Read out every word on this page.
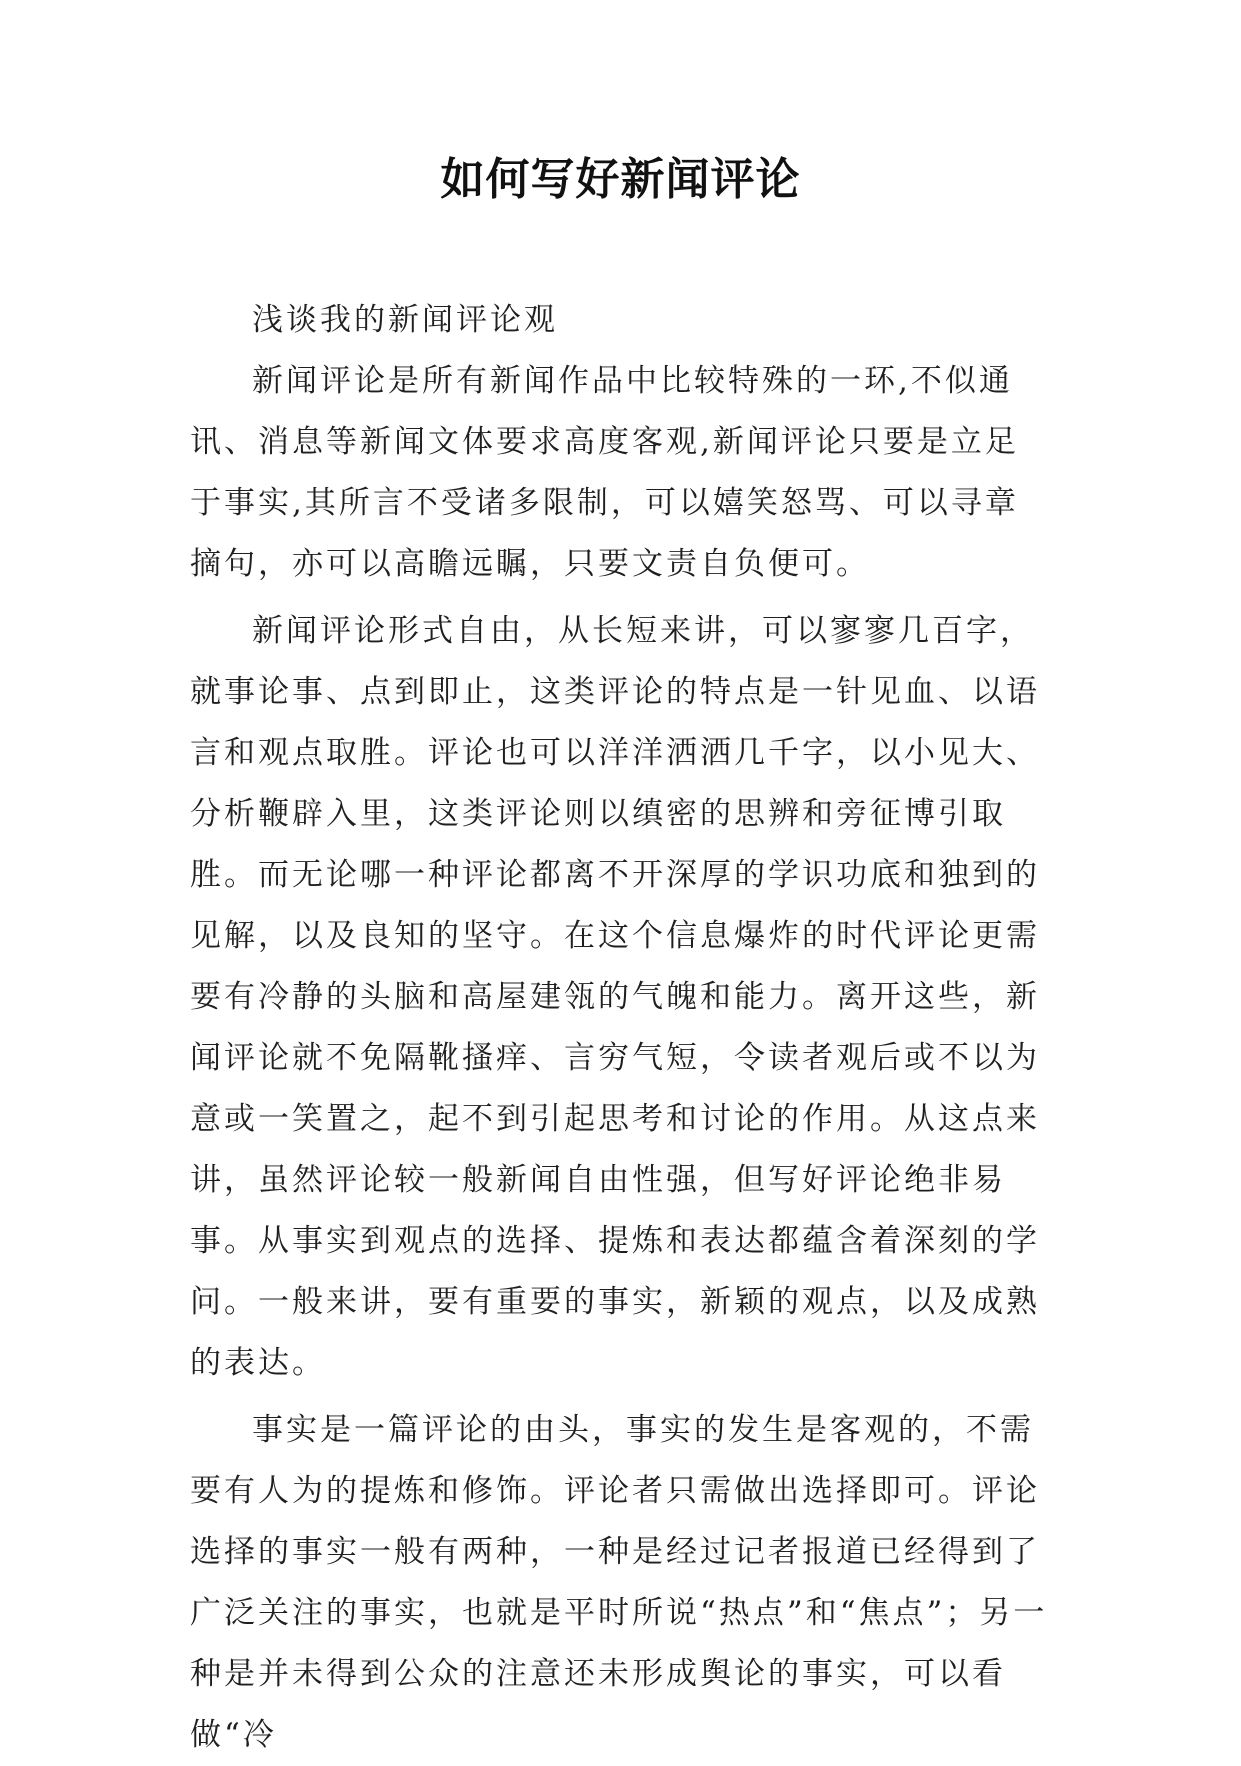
如何写好新闻评论

浅谈我的新闻评论观

新闻评论是所有新闻作品中比较特殊的一环,不似通讯、消息等新闻文体要求高度客观,新闻评论只要是立足于事实,其所言不受诸多限制，可以嬉笑怒骂、可以寻章摘句，亦可以高瞻远瞩，只要文责自负便可。

新闻评论形式自由，从长短来讲，可以寥寥几百字，就事论事、点到即止，这类评论的特点是一针见血、以语言和观点取胜。评论也可以洋洋洒洒几千字，以小见大、分析鞭辟入里，这类评论则以缜密的思辨和旁征博引取胜。而无论哪一种评论都离不开深厚的学识功底和独到的见解，以及良知的坚守。在这个信息爆炸的时代评论更需要有冷静的头脑和高屋建瓴的气魄和能力。离开这些，新闻评论就不免隔靴搔痒、言穷气短，令读者观后或不以为意或一笑置之，起不到引起思考和讨论的作用。从这点来讲，虽然评论较一般新闻自由性强，但写好评论绝非易事。从事实到观点的选择、提炼和表达都蕴含着深刻的学问。一般来讲，要有重要的事实，新颖的观点，以及成熟的表达。

事实是一篇评论的由头，事实的发生是客观的，不需要有人为的提炼和修饰。评论者只需做出选择即可。评论选择的事实一般有两种，一种是经过记者报道已经得到了广泛关注的事实，也就是平时所说“热点”和“焦点”；另一种是并未得到公众的注意还未形成舆论的事实，可以看做“冷
